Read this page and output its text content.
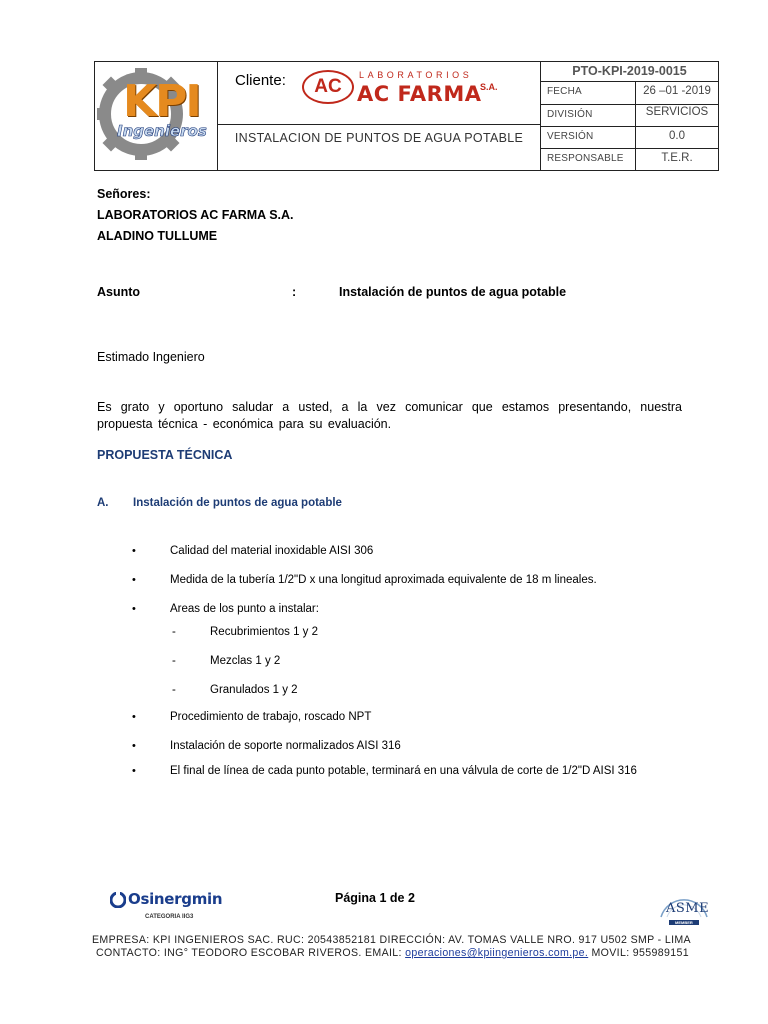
KPI
Ingenieros
Cliente:	AC
LABORATORIOS
AC FARMA
S.A.
INSTALACION DE PUNTOS DE AGUA POTABLE
PTO-KPI-2019-0015
FECHA	26 –01 -2019
DIVISIÓN	SERVICIOS
VERSIÓN	0.0
RESPONSABLE	T.E.R.
Señores:
LABORATORIOS AC FARMA S.A.
ALADINO TULLUME
Asunto	:	Instalación de puntos de agua potable
Estimado Ingeniero
Es grato y oportuno saludar a usted, a la vez comunicar que estamos presentando, nuestra propuesta técnica - económica para su evaluación.
PROPUESTA TÉCNICA
A. Instalación de puntos de agua potable
•	Calidad del material inoxidable AISI 306
•	Medida de la tubería 1/2"D x una longitud aproximada equivalente de 18 m lineales.
•	Areas de los punto a instalar:
-	Recubrimientos 1 y 2
-	Mezclas 1 y 2
-	Granulados 1 y 2
•	Procedimiento de trabajo, roscado NPT
•	Instalación de soporte normalizados AISI 316
•	El final de línea de cada punto potable, terminará en una válvula de corte de 1/2"D AISI 316
Osinergmin
CATEGORIA IIG3
Página 1 de 2
ASME
MEMBER
EMPRESA: KPI INGENIEROS SAC. RUC: 20543852181 DIRECCIÓN: AV. TOMAS VALLE NRO. 917 U502 SMP - LIMA
CONTACTO: ING° TEODORO ESCOBAR RIVEROS. EMAIL: operaciones@kpiingenieros.com.pe. MOVIL: 955989151
